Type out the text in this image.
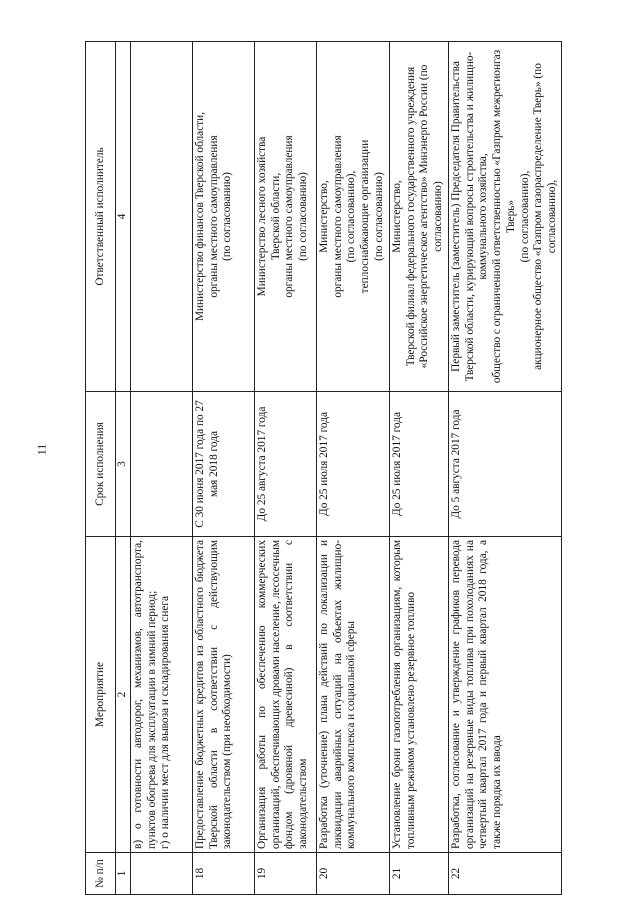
11
№ п/п	Мероприятие	Срок исполнения	Ответственный исполнитель
1	2	3	4

	в) о готовности автодорог, механизмов, автотранспорта, пунктов обогрева для эксплуатации в зимний период; г) о наличии мест для вывоза и складирования снега		

18	Предоставление бюджетных кредитов из областного бюджета Тверской области в соответствии с действующим законодательством (при необходимости)	С 30 июня 2017 года по 27 мая 2018 года	Министерство финансов Тверской области, органы местного самоуправления (по согласованию)

19	Организация работы по обеспечению коммерческих организаций, обеспечивающих дровами население, лесосечным фондом (дровяной древесиной) в соответствии с законодательством	До 25 августа 2017 года	Министерство лесного хозяйства Тверской области, органы местного самоуправления (по согласованию)

20	Разработка (уточнение) плана действий по локализации и ликвидации аварийных ситуаций на объектах жилищно-коммунального комплекса и социальной сферы	До 25 июля 2017 года	Министерство, органы местного самоуправления (по согласованию), теплоснабжающие организации (по согласованию)

21	Установление брони газопотребления организациям, которым топливным режимом установлено резервное топливо	До 25 июля 2017 года	Министерство, Тверской филиал федерального государственного учреждения «Российское энергетическое агентство» Минэнерго России (по согласованию)

22	Разработка, согласование и утверждение графиков перевода организаций на резервные виды топлива при похолоданиях на четвертый квартал 2017 года и первый квартал 2018 года, а также порядка их ввода	До 5 августа 2017 года	Первый заместитель (заместитель) Председателя Правительства Тверской области, курирующий вопросы строительства и жилищно-коммунального хозяйства, общество с ограниченной ответственностью «Газпром межрегионгаз Тверь» (по согласованию), акционерное общество «Газпром газораспределение Тверь» (по согласованию),
